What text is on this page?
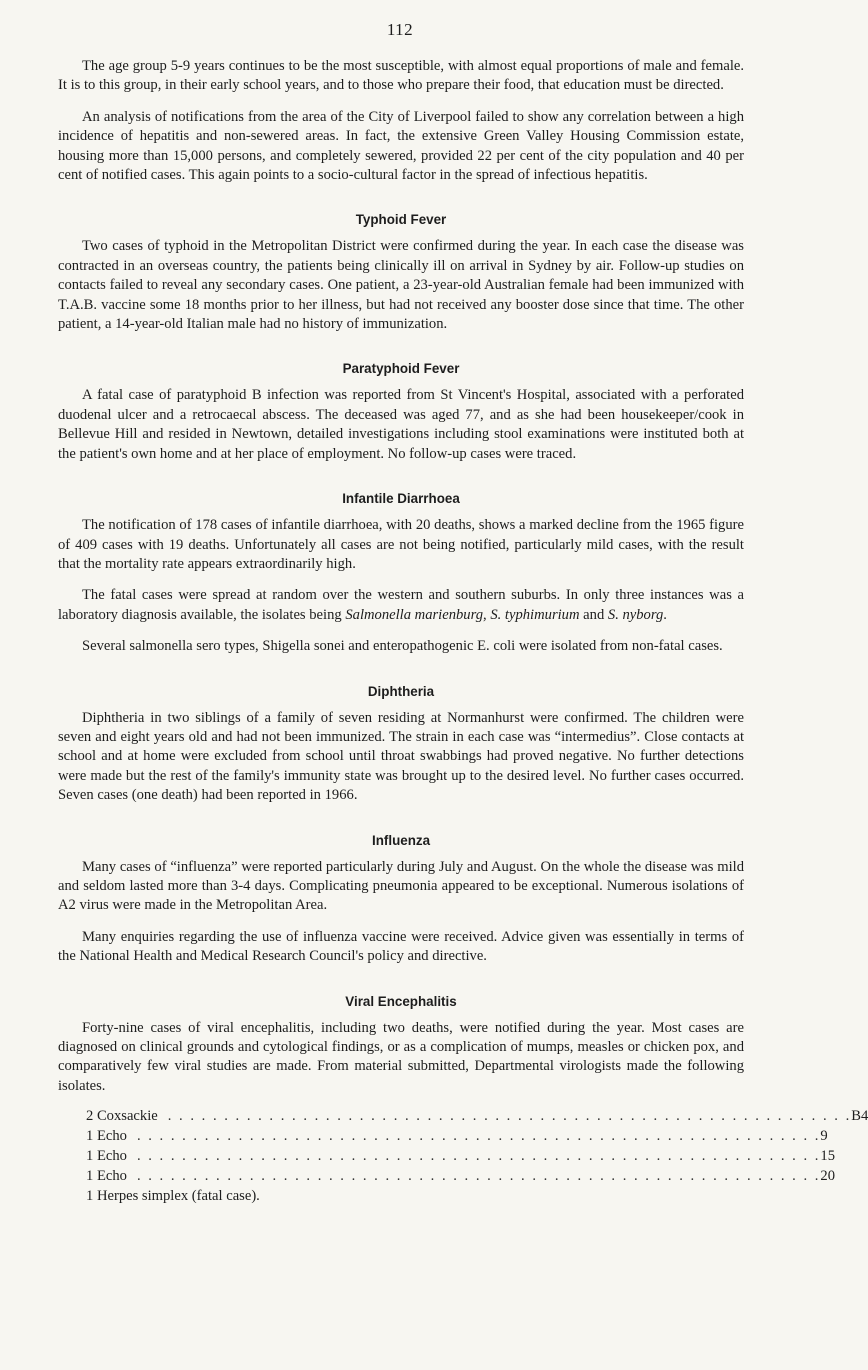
112

The age group 5-9 years continues to be the most susceptible, with almost equal proportions of male and female. It is to this group, in their early school years, and to those who prepare their food, that education must be directed.

An analysis of notifications from the area of the City of Liverpool failed to show any correlation between a high incidence of hepatitis and non-sewered areas. In fact, the extensive Green Valley Housing Commission estate, housing more than 15,000 persons, and completely sewered, provided 22 per cent of the city population and 40 per cent of notified cases. This again points to a socio-cultural factor in the spread of infectious hepatitis.

Typhoid Fever

Two cases of typhoid in the Metropolitan District were confirmed during the year. In each case the disease was contracted in an overseas country, the patients being clinically ill on arrival in Sydney by air. Follow-up studies on contacts failed to reveal any secondary cases. One patient, a 23-year-old Australian female had been immunized with T.A.B. vaccine some 18 months prior to her illness, but had not received any booster dose since that time. The other patient, a 14-year-old Italian male had no history of immunization.

Paratyphoid Fever

A fatal case of paratyphoid B infection was reported from St Vincent's Hospital, associated with a perforated duodenal ulcer and a retrocaecal abscess. The deceased was aged 77, and as she had been housekeeper/cook in Bellevue Hill and resided in Newtown, detailed investigations including stool examinations were instituted both at the patient's own home and at her place of employment. No follow-up cases were traced.

Infantile Diarrhoea

The notification of 178 cases of infantile diarrhoea, with 20 deaths, shows a marked decline from the 1965 figure of 409 cases with 19 deaths. Unfortunately all cases are not being notified, particularly mild cases, with the result that the mortality rate appears extraordinarily high.

The fatal cases were spread at random over the western and southern suburbs. In only three instances was a laboratory diagnosis available, the isolates being Salmonella marienburg, S. typhimurium and S. nyborg.

Several salmonella sero types, Shigella sonei and enteropathogenic E. coli were isolated from non-fatal cases.

Diphtheria

Diphtheria in two siblings of a family of seven residing at Normanhurst were confirmed. The children were seven and eight years old and had not been immunized. The strain in each case was “intermedius”. Close contacts at school and at home were excluded from school until throat swabbings had proved negative. No further detections were made but the rest of the family's immunity state was brought up to the desired level. No further cases occurred. Seven cases (one death) had been reported in 1966.

Influenza

Many cases of “influenza” were reported particularly during July and August. On the whole the disease was mild and seldom lasted more than 3-4 days. Complicating pneumonia appeared to be exceptional. Numerous isolations of A2 virus were made in the Metropolitan Area.

Many enquiries regarding the use of influenza vaccine were received. Advice given was essentially in terms of the National Health and Medical Research Council's policy and directive.

Viral Encephalitis

Forty-nine cases of viral encephalitis, including two deaths, were notified during the year. Most cases are diagnosed on clinical grounds and cytological findings, or as a complication of mumps, measles or chicken pox, and comparatively few viral studies are made. From material submitted, Departmental virologists made the following isolates.

2 Coxsackie . . . . . . . . . . . . . . . . . . . . . . . . . . . . . . . . . . . . . . . . . . . . . . . . . . . . . . . . . . . . . B4
1 Echo . . . . . . . . . . . . . . . . . . . . . . . . . . . . . . . . . . . . . . . . . . . . . . . . . . . . . . . . . . . . . 9
1 Echo . . . . . . . . . . . . . . . . . . . . . . . . . . . . . . . . . . . . . . . . . . . . . . . . . . . . . . . . . . . . . 15
1 Echo . . . . . . . . . . . . . . . . . . . . . . . . . . . . . . . . . . . . . . . . . . . . . . . . . . . . . . . . . . . . . 20
1 Herpes simplex (fatal case).
